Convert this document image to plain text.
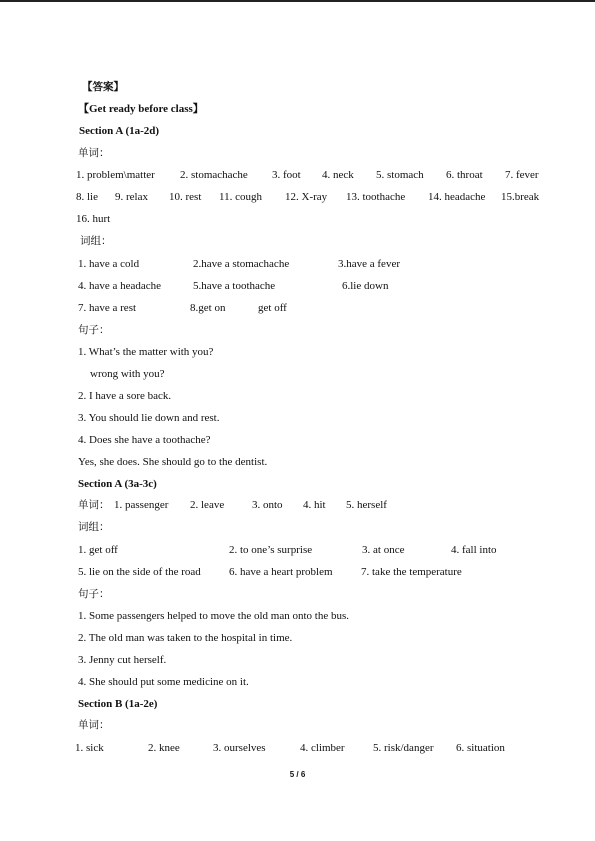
【答案】
【Get ready before class】
Section A (1a-2d)
单词：
1. problem\matter 2. stomachache 3. foot 4. neck 5. stomach 6. throat 7. fever
8. lie 9. relax 10. rest 11. cough 12. X-ray 13. toothache 14. headache 15.break
16. hurt
词组：
1. have a cold	2.have a stomachache	3.have a fever
4. have a headache	5.have a toothache	6.lie down
7. have a rest	8.get on	get off
句子：
1. What’s the matter with you?
wrong with you?
2. I have a sore back.
3. You should lie down and rest.
4. Does she have a toothache?
Yes, she does. She should go to the dentist.
Section A (3a-3c)
单词： 1. passenger 2. leave	3. onto 4. hit 5. herself
词组：
1. get off	2. to one’s surprise	3. at once	4. fall into
5. lie on the side of the road	6. have a heart problem	7. take the temperature
句子：
1. Some passengers helped to move the old man onto the bus.
2. The old man was taken to the hospital in time.
3. Jenny cut herself.
4. She should put some medicine on it.
Section B (1a-2e)
单词：
1. sick	2. knee	3. ourselves	4. climber	5. risk/danger 6. situation
5 / 6
